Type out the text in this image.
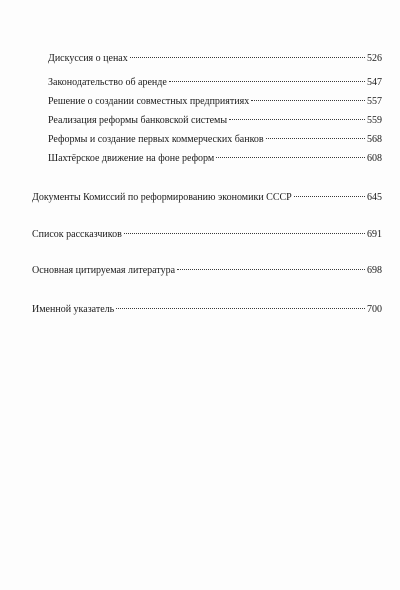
Дискуссия о ценах	526
Законодательство об аренде	547
Решение о создании совместных предприятиях	557
Реализация реформы банковской системы	559
Реформы и создание первых коммерческих банков	568
Шахтёрское движение на фоне реформ	608
Документы Комиссий по реформированию экономики СССР	645
Список рассказчиков	691
Основная цитируемая литература	698
Именной указатель	700
